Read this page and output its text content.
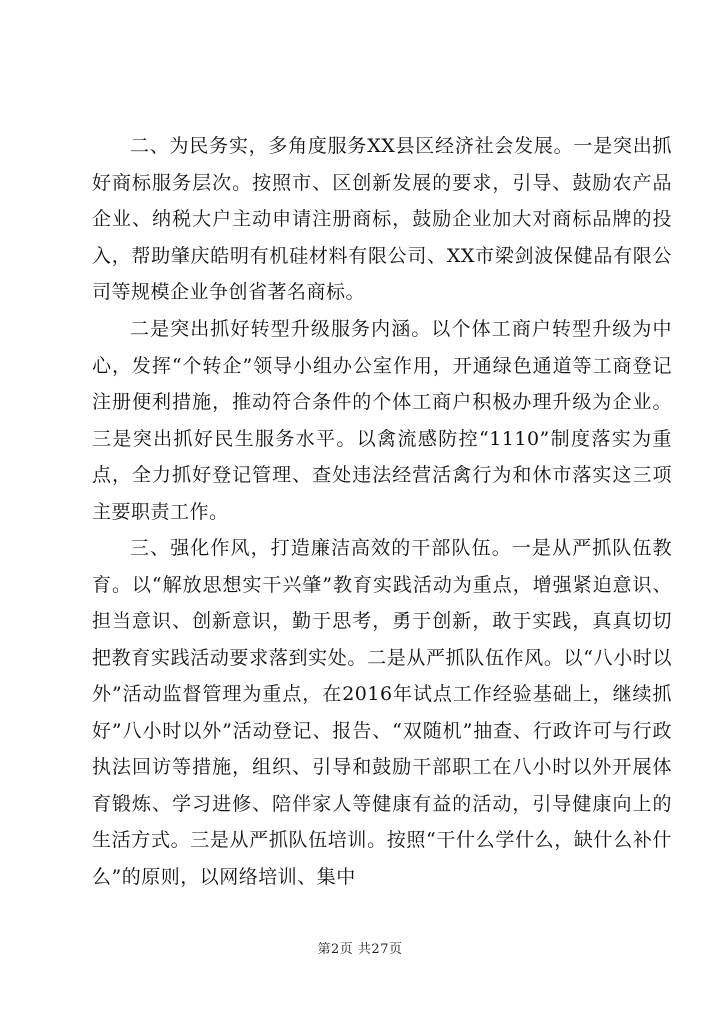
二、为民务实，多角度服务XX县区经济社会发展。一是突出抓好商标服务层次。按照市、区创新发展的要求，引导、鼓励农产品企业、纳税大户主动申请注册商标，鼓励企业加大对商标品牌的投入，帮助肇庆皓明有机硅材料有限公司、XX市梁剑波保健品有限公司等规模企业争创省著名商标。

二是突出抓好转型升级服务内涵。以个体工商户转型升级为中心，发挥“个转企”领导小组办公室作用，开通绿色通道等工商登记注册便利措施，推动符合条件的个体工商户积极办理升级为企业。三是突出抓好民生服务水平。以禽流感防控“1110”制度落实为重点，全力抓好登记管理、查处违法经营活禽行为和休市落实这三项主要职责工作。

三、强化作风，打造廉洁高效的干部队伍。一是从严抓队伍教育。以“解放思想实干兴肇”教育实践活动为重点，增强紧迫意识、担当意识、创新意识，勤于思考，勇于创新，敢于实践，真真切切把教育实践活动要求落到实处。二是从严抓队伍作风。以“八小时以外”活动监督管理为重点，在2016年试点工作经验基础上，继续抓好”八小时以外”活动登记、报告、“双随机”抽查、行政许可与行政执法回访等措施，组织、引导和鼓励干部职工在八小时以外开展体育锻炼、学习进修、陪伴家人等健康有益的活动，引导健康向上的生活方式。三是从严抓队伍培训。按照“干什么学什么，缺什么补什么”的原则，以网络培训、集中

第2页 共27页
